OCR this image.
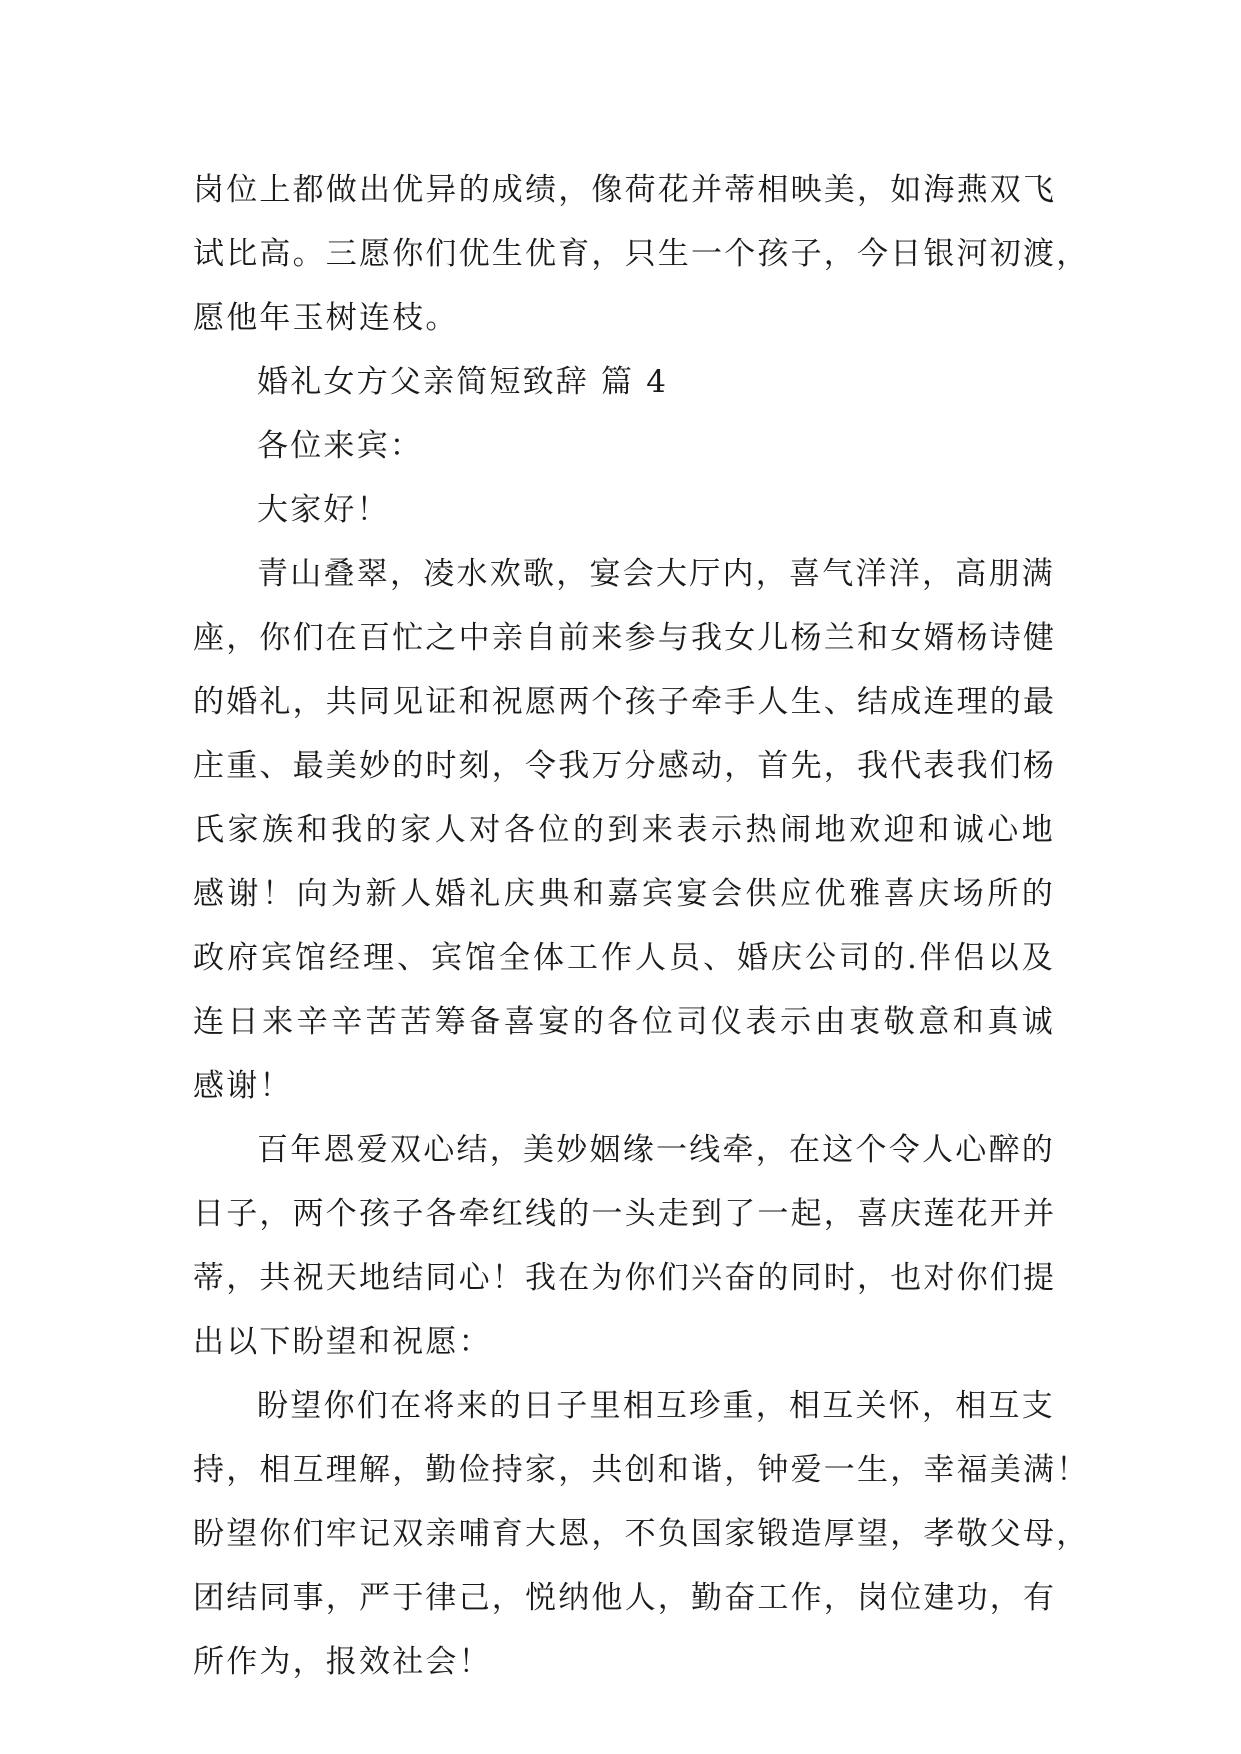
岗位上都做出优异的成绩，像荷花并蒂相映美，如海燕双飞
试比高。三愿你们优生优育，只生一个孩子，今日银河初渡，
愿他年玉树连枝。
婚礼女方父亲简短致辞 篇 4
各位来宾：
大家好！
青山叠翠，凌水欢歌，宴会大厅内，喜气洋洋，高朋满
座，你们在百忙之中亲自前来参与我女儿杨兰和女婿杨诗健
的婚礼，共同见证和祝愿两个孩子牵手人生、结成连理的最
庄重、最美妙的时刻，令我万分感动，首先，我代表我们杨
氏家族和我的家人对各位的到来表示热闹地欢迎和诚心地
感谢！向为新人婚礼庆典和嘉宾宴会供应优雅喜庆场所的
政府宾馆经理、宾馆全体工作人员、婚庆公司的.伴侣以及
连日来辛辛苦苦筹备喜宴的各位司仪表示由衷敬意和真诚
感谢！
百年恩爱双心结，美妙姻缘一线牵，在这个令人心醉的
日子，两个孩子各牵红线的一头走到了一起，喜庆莲花开并
蒂，共祝天地结同心！我在为你们兴奋的同时，也对你们提
出以下盼望和祝愿：
盼望你们在将来的日子里相互珍重，相互关怀，相互支
持，相互理解，勤俭持家，共创和谐，钟爱一生，幸福美满！
盼望你们牢记双亲哺育大恩，不负国家锻造厚望，孝敬父母，
团结同事，严于律己，悦纳他人，勤奋工作，岗位建功，有
所作为，报效社会！
